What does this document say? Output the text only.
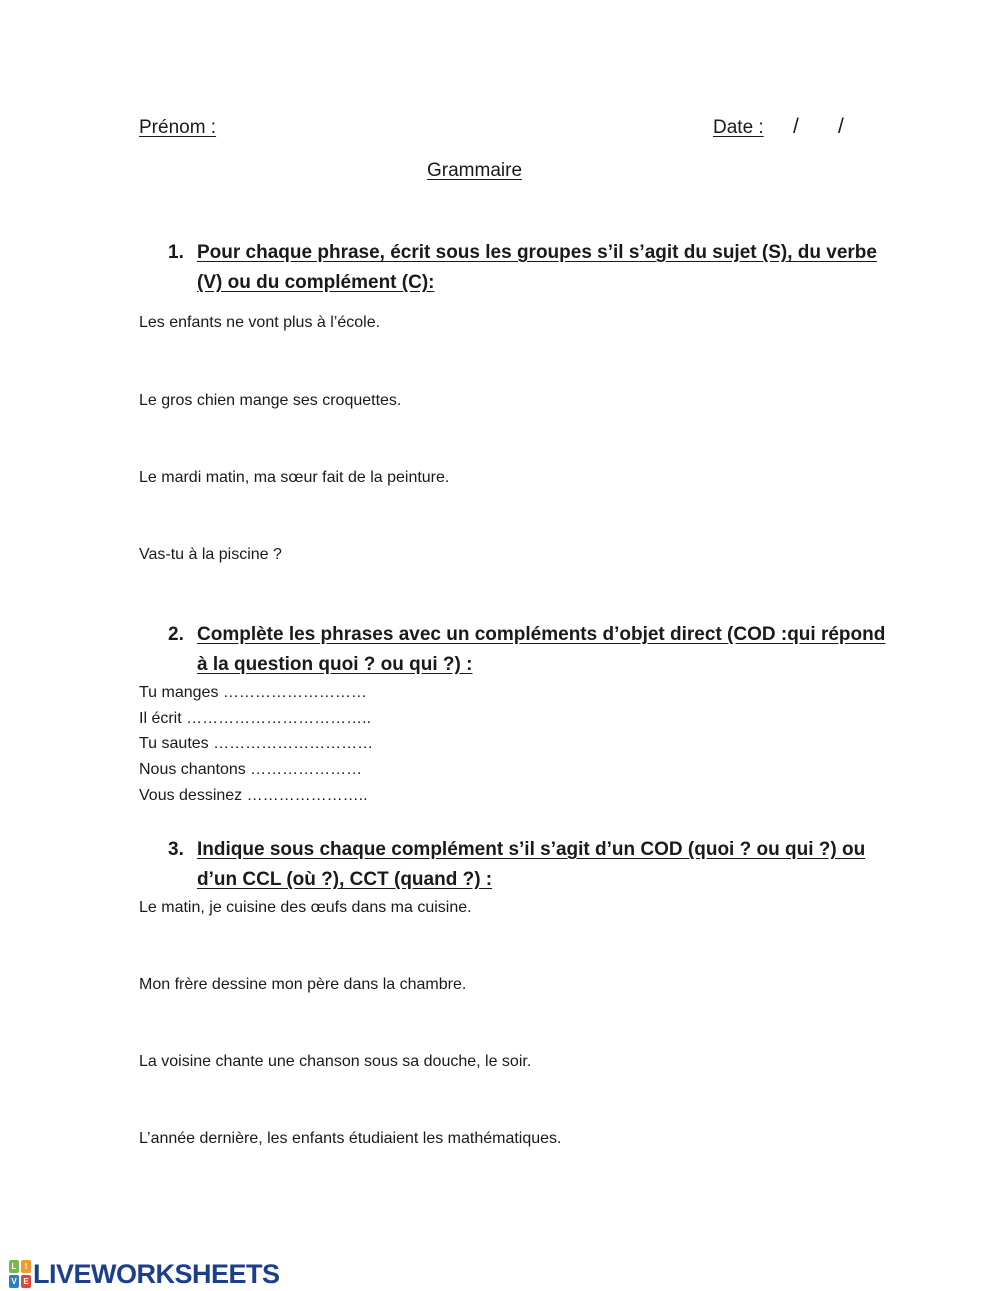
Prénom :	Date : / /
Grammaire
1. Pour chaque phrase, écrit sous les groupes s’il s’agit du sujet (S), du verbe (V) ou du complément (C):
Les enfants ne vont plus à l’école.
Le gros chien mange ses croquettes.
Le mardi matin, ma sœur fait de la peinture.
Vas-tu à la piscine ?
2. Complète les phrases avec un compléments d’objet direct (COD :qui répond à la question quoi ? ou qui ?) :
Tu manges ………………………
Il écrit ……………………………..
Tu sautes …………………………
Nous chantons …………………
Vous dessinez …………………..
3. Indique sous chaque complément s’il s’agit d’un COD (quoi ? ou qui ?) ou d’un CCL (où ?), CCT (quand ?) :
Le matin, je cuisine des œufs dans ma cuisine.
Mon frère dessine mon père dans la chambre.
La voisine chante une chanson sous sa douche, le soir.
L’année dernière, les enfants étudiaient les mathématiques.
L	I
V E LIVEWORKSHEETS
